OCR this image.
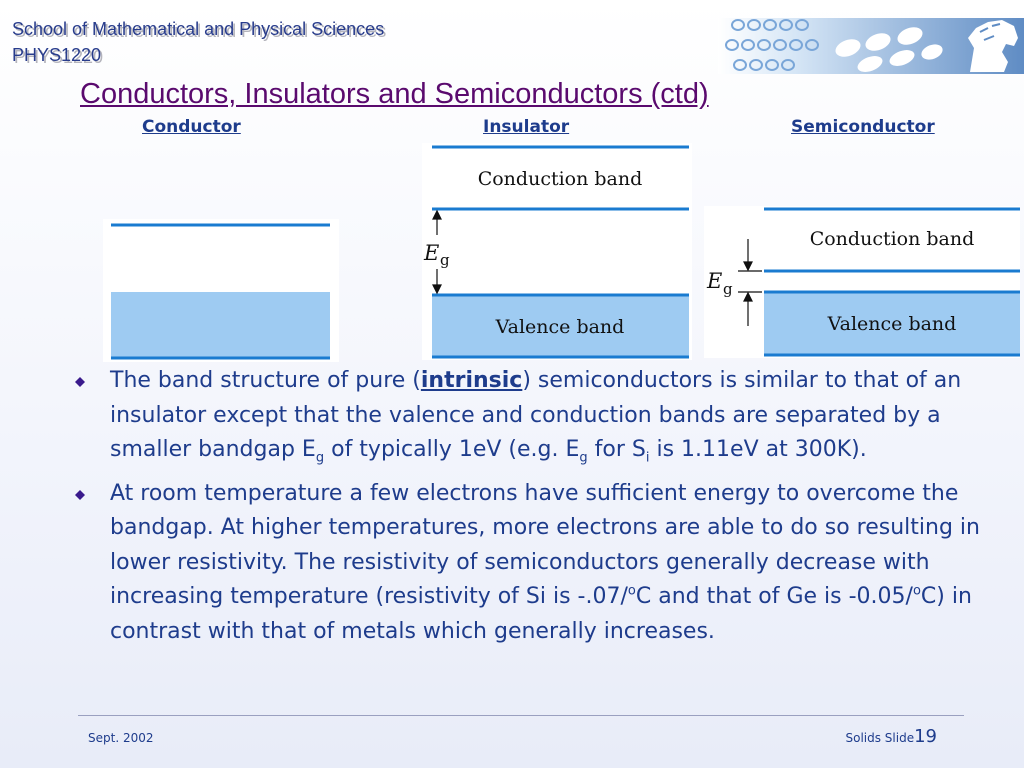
School of Mathematical and Physical Sciences
PHYS1220
Conductors, Insulators and Semiconductors (ctd)
Conductor	Insulator	Semiconductor
Conduction band
Valence band
E g
Conduction band
Valence band
E g
The band structure of pure (intrinsic) semiconductors is similar to that of an insulator except that the valence and conduction bands are separated by a smaller bandgap $E_g$ of typically 1eV (e.g. $E_g$ for $S_i$ is 1.11eV at 300K).
At room temperature a few electrons have sufficient energy to overcome the bandgap. At higher temperatures, more electrons are able to do so resulting in lower resistivity. The resistivity of semiconductors generally decrease with increasing temperature (resistivity of Si is -.07/$^o$C and that of Ge is -0.05/$^o$C) in contrast with that of metals which generally increases.
Sept. 2002	Solids Slide19
